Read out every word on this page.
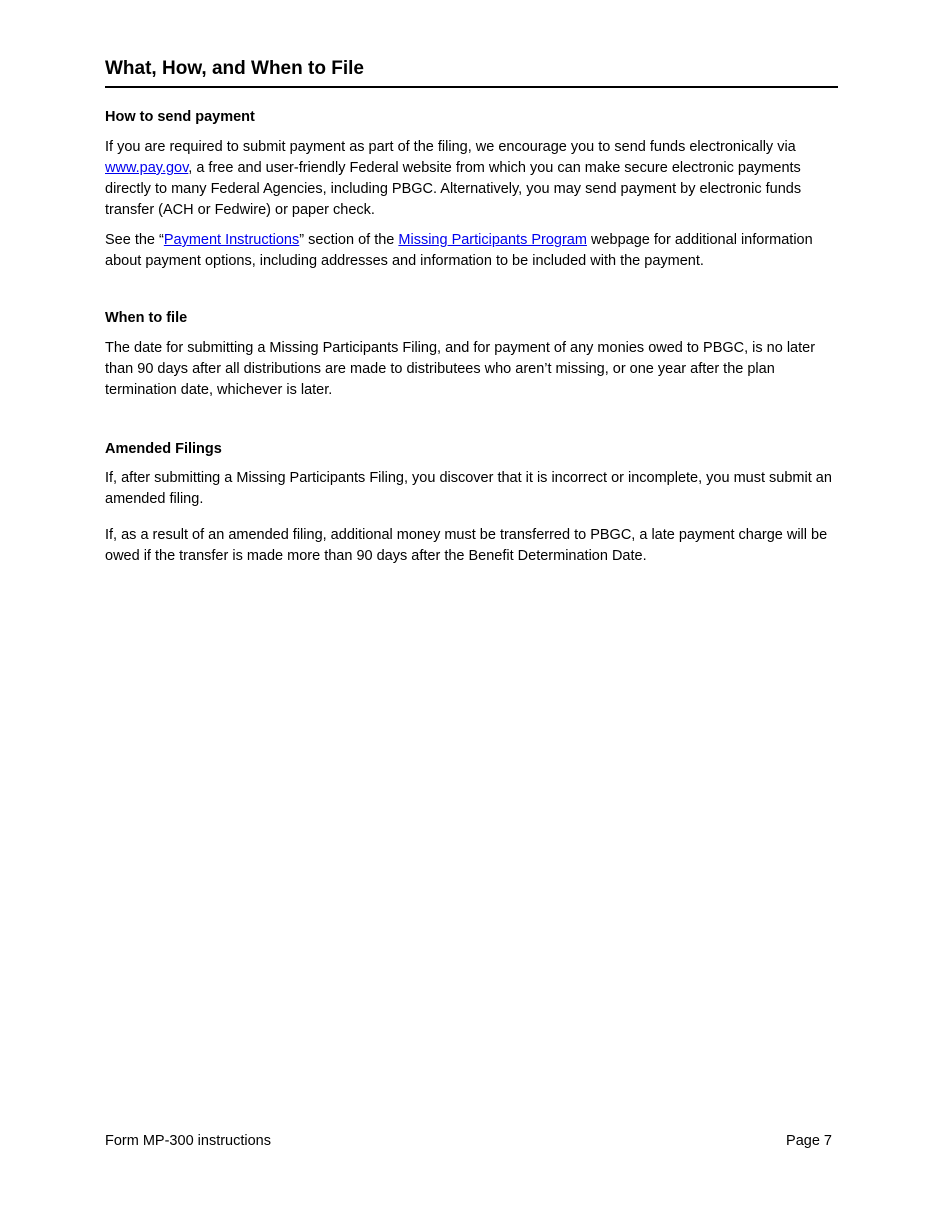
What, How, and When to File
How to send payment

If you are required to submit payment as part of the filing, we encourage you to send funds electronically via www.pay.gov, a free and user-friendly Federal website from which you can make secure electronic payments directly to many Federal Agencies, including PBGC. Alternatively, you may send payment by electronic funds transfer (ACH or Fedwire) or paper check.

See the “Payment Instructions” section of the Missing Participants Program webpage for additional information about payment options, including addresses and information to be included with the payment.

When to file

The date for submitting a Missing Participants Filing, and for payment of any monies owed to PBGC, is no later than 90 days after all distributions are made to distributees who aren’t missing, or one year after the plan termination date, whichever is later.

Amended Filings

If, after submitting a Missing Participants Filing, you discover that it is incorrect or incomplete, you must submit an amended filing.

If, as a result of an amended filing, additional money must be transferred to PBGC, a late payment charge will be owed if the transfer is made more than 90 days after the Benefit Determination Date.

Form MP-300 instructions	Page 7
